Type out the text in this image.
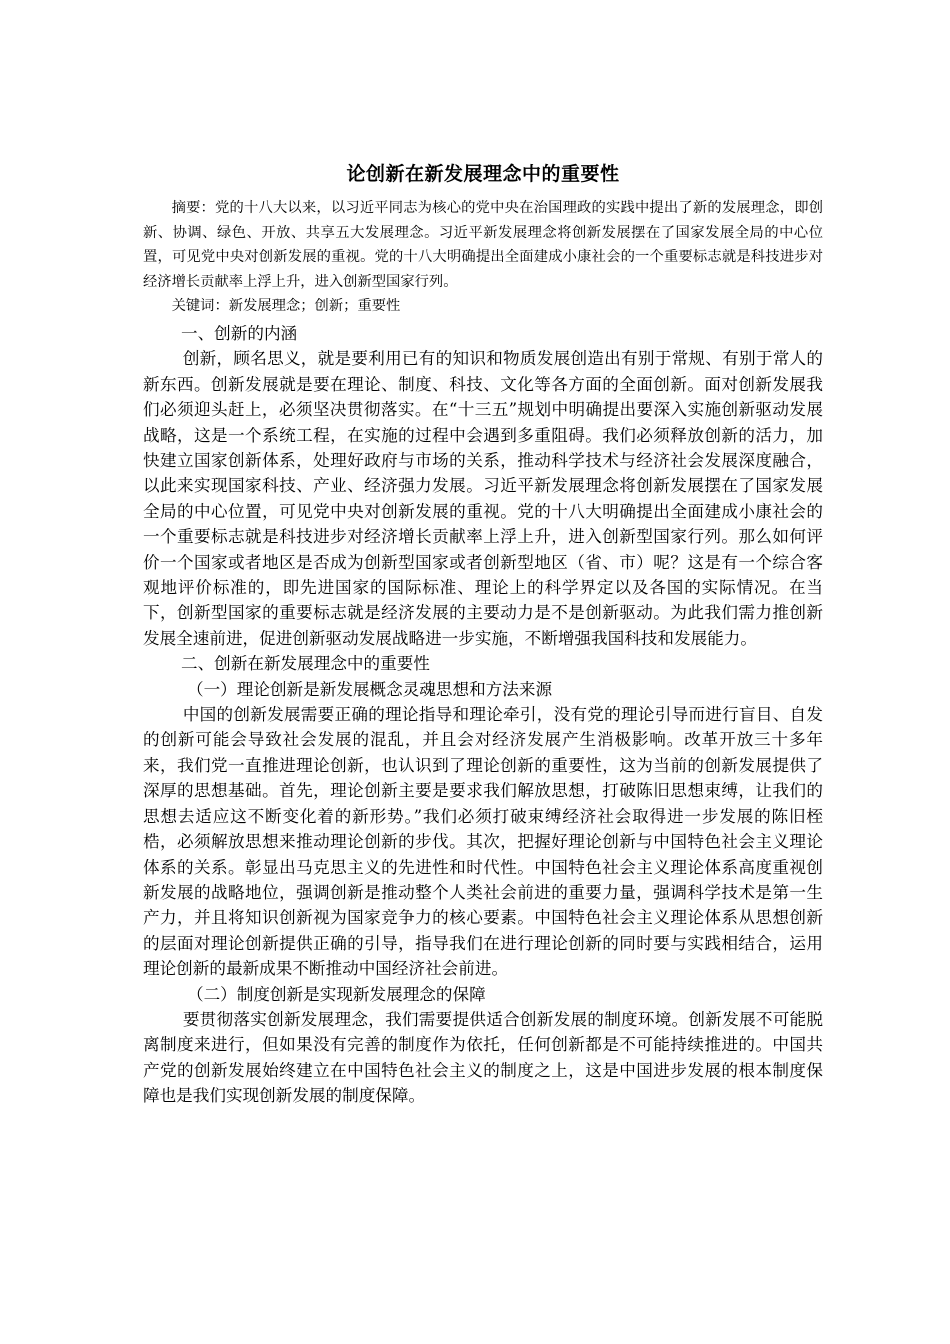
论创新在新发展理念中的重要性

摘要：党的十八大以来，以习近平同志为核心的党中央在治国理政的实践中提出了新的发展理念，即创新、协调、绿色、开放、共享五大发展理念。习近平新发展理念将创新发展摆在了国家发展全局的中心位置，可见党中央对创新发展的重视。党的十八大明确提出全面建成小康社会的一个重要标志就是科技进步对经济增长贡献率上浮上升，进入创新型国家行列。

关键词：新发展理念；创新；重要性

一、创新的内涵

创新，顾名思义，就是要利用已有的知识和物质发展创造出有别于常规、有别于常人的新东西。创新发展就是要在理论、制度、科技、文化等各方面的全面创新。面对创新发展我们必须迎头赶上，必须坚决贯彻落实。在“十三五”规划中明确提出要深入实施创新驱动发展战略，这是一个系统工程，在实施的过程中会遇到多重阻碍。我们必须释放创新的活力，加快建立国家创新体系，处理好政府与市场的关系，推动科学技术与经济社会发展深度融合，以此来实现国家科技、产业、经济强力发展。习近平新发展理念将创新发展摆在了国家发展全局的中心位置，可见党中央对创新发展的重视。党的十八大明确提出全面建成小康社会的一个重要标志就是科技进步对经济增长贡献率上浮上升，进入创新型国家行列。那么如何评价一个国家或者地区是否成为创新型国家或者创新型地区（省、市）呢？这是有一个综合客观地评价标准的，即先进国家的国际标准、理论上的科学界定以及各国的实际情况。在当下，创新型国家的重要标志就是经济发展的主要动力是不是创新驱动。为此我们需力推创新发展全速前进，促进创新驱动发展战略进一步实施，不断增强我国科技和发展能力。

二、创新在新发展理念中的重要性

（一）理论创新是新发展概念灵魂思想和方法来源

中国的创新发展需要正确的理论指导和理论牵引，没有党的理论引导而进行盲目、自发的创新可能会导致社会发展的混乱，并且会对经济发展产生消极影响。改革开放三十多年来，我们党一直推进理论创新，也认识到了理论创新的重要性，这为当前的创新发展提供了深厚的思想基础。首先，理论创新主要是要求我们解放思想，打破陈旧思想束缚，让我们的思想去适应这不断变化着的新形势。”我们必须打破束缚经济社会取得进一步发展的陈旧桎梏，必须解放思想来推动理论创新的步伐。其次，把握好理论创新与中国特色社会主义理论体系的关系。彰显出马克思主义的先进性和时代性。中国特色社会主义理论体系高度重视创新发展的战略地位，强调创新是推动整个人类社会前进的重要力量，强调科学技术是第一生产力，并且将知识创新视为国家竞争力的核心要素。中国特色社会主义理论体系从思想创新的层面对理论创新提供正确的引导，指导我们在进行理论创新的同时要与实践相结合，运用理论创新的最新成果不断推动中国经济社会前进。

（二）制度创新是实现新发展理念的保障

要贯彻落实创新发展理念，我们需要提供适合创新发展的制度环境。创新发展不可能脱离制度来进行，但如果没有完善的制度作为依托，任何创新都是不可能持续推进的。中国共产党的创新发展始终建立在中国特色社会主义的制度之上，这是中国进步发展的根本制度保障也是我们实现创新发展的制度保障。
